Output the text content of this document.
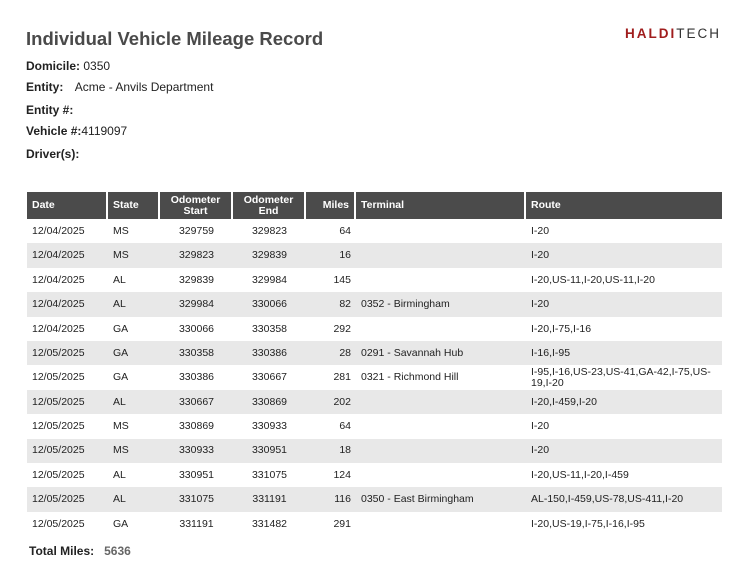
Individual Vehicle Mileage Record	HALDITECH
Domicile: 0350
Entity: Acme - Anvils Department
Entity #:
Vehicle #:4119097
Driver(s):
Date	State	Odometer Start	Odometer End	Miles	Terminal	Route
12/04/2025	MS	329759	329823	64		I-20
12/04/2025	MS	329823	329839	16		I-20
12/04/2025	AL	329839	329984	145		I-20,US-11,I-20,US-11,I-20
12/04/2025	AL	329984	330066	82	0352 - Birmingham	I-20
12/04/2025	GA	330066	330358	292		I-20,I-75,I-16
12/05/2025	GA	330358	330386	28	0291 - Savannah Hub	I-16,I-95
12/05/2025	GA	330386	330667	281	0321 - Richmond Hill	I-95,I-16,US-23,US-41,GA-42,I-75,US-19,I-20
12/05/2025	AL	330667	330869	202		I-20,I-459,I-20
12/05/2025	MS	330869	330933	64		I-20
12/05/2025	MS	330933	330951	18		I-20
12/05/2025	AL	330951	331075	124		I-20,US-11,I-20,I-459
12/05/2025	AL	331075	331191	116	0350 - East Birmingham	AL-150,I-459,US-78,US-411,I-20
12/05/2025	GA	331191	331482	291		I-20,US-19,I-75,I-16,I-95
Total Miles: 5636
